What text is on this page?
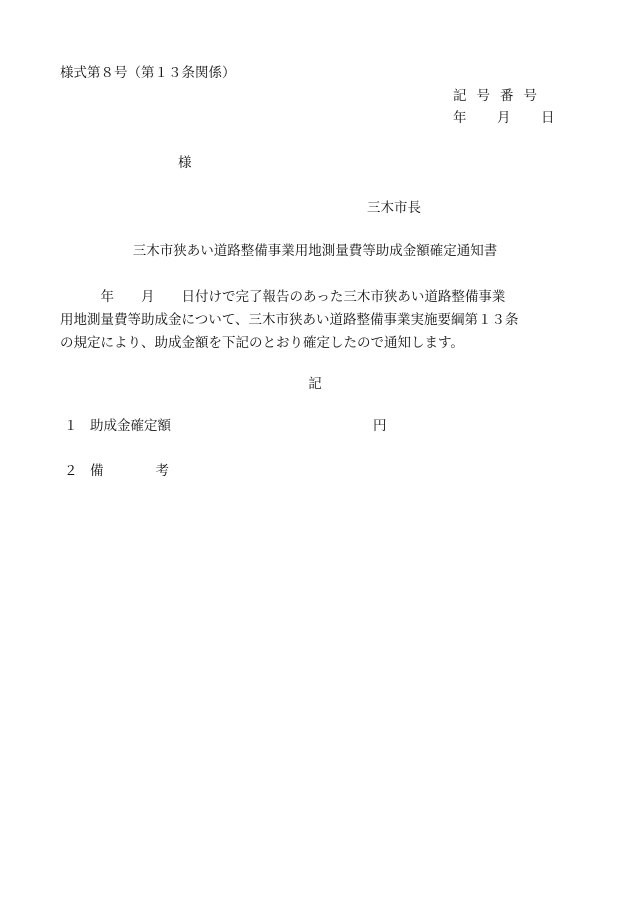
様式第８号（第１３条関係）
記号番号
年 月 日
様
三木市長
三木市狭あい道路整備事業用地測量費等助成金額確定通知書
　　　年　　月　　日付けで完了報告のあった三木市狭あい道路整備事業
用地測量費等助成金について、三木市狭あい道路整備事業実施要綱第１３条
の規定により、助成金額を下記のとおり確定したので通知します。
記
１ 助成金確定額	円
２ 備考
